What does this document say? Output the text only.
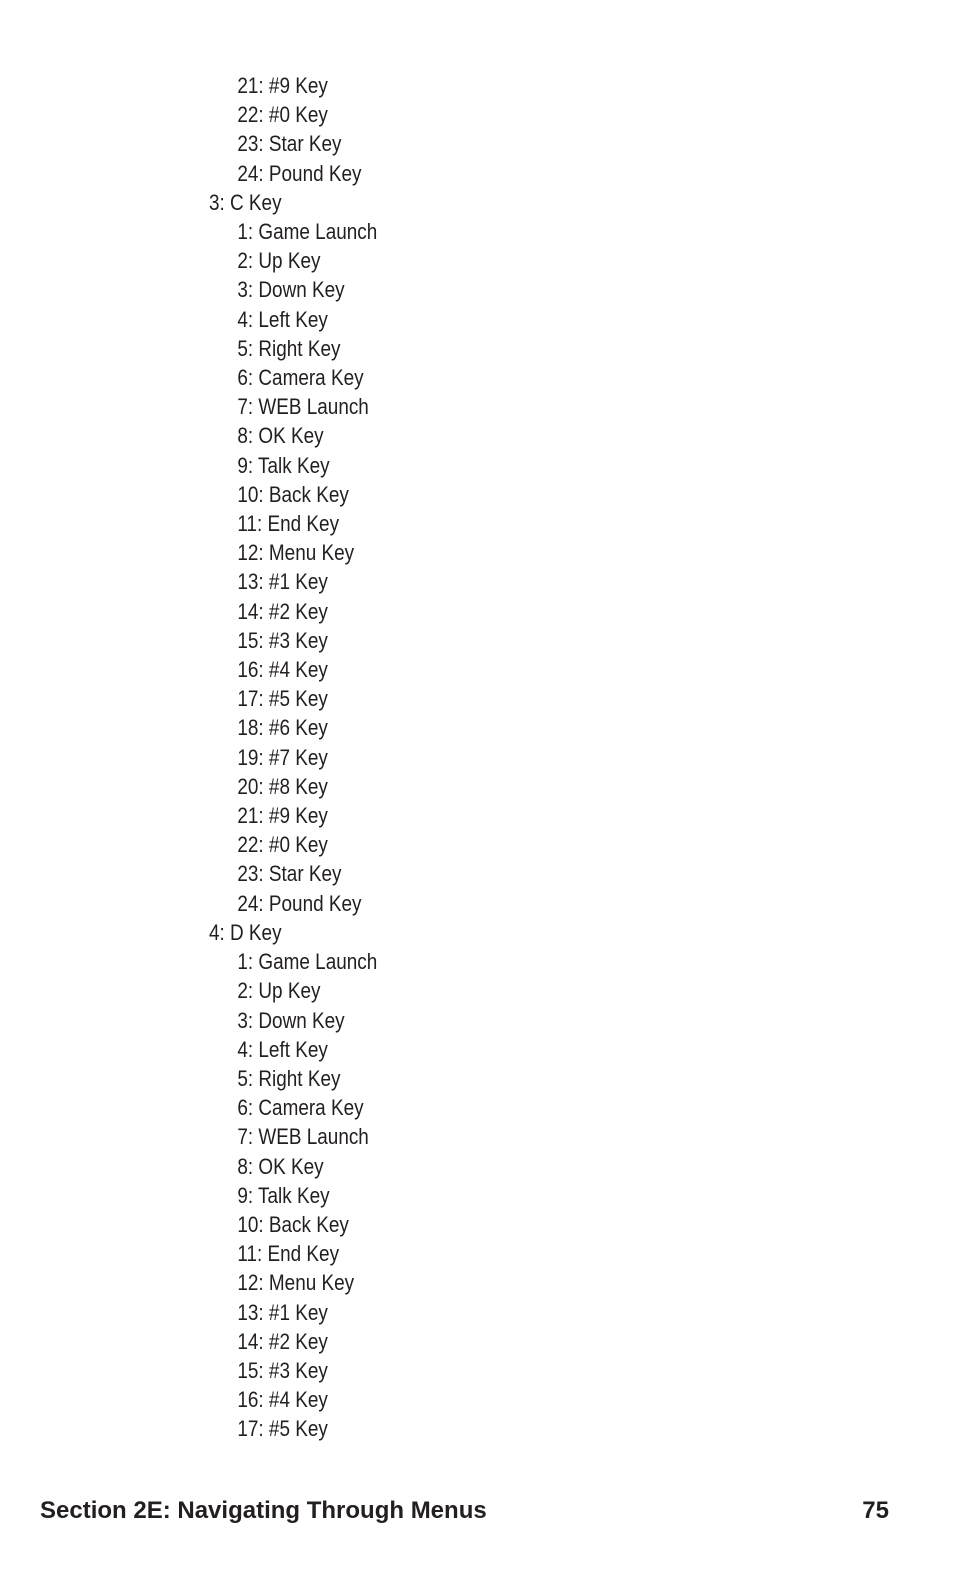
21: #9 Key
22: #0 Key
23: Star Key
24: Pound Key
3: C Key
1: Game Launch
2: Up Key
3: Down Key
4: Left Key
5: Right Key
6: Camera Key
7: WEB Launch
8: OK Key
9: Talk Key
10: Back Key
11: End Key
12: Menu Key
13: #1 Key
14: #2 Key
15: #3 Key
16: #4 Key
17: #5 Key
18: #6 Key
19: #7 Key
20: #8 Key
21: #9 Key
22: #0 Key
23: Star Key
24: Pound Key
4: D Key
1: Game Launch
2: Up Key
3: Down Key
4: Left Key
5: Right Key
6: Camera Key
7: WEB Launch
8: OK Key
9: Talk Key
10: Back Key
11: End Key
12: Menu Key
13: #1 Key
14: #2 Key
15: #3 Key
16: #4 Key
17: #5 Key
Section 2E: Navigating Through Menus	75
